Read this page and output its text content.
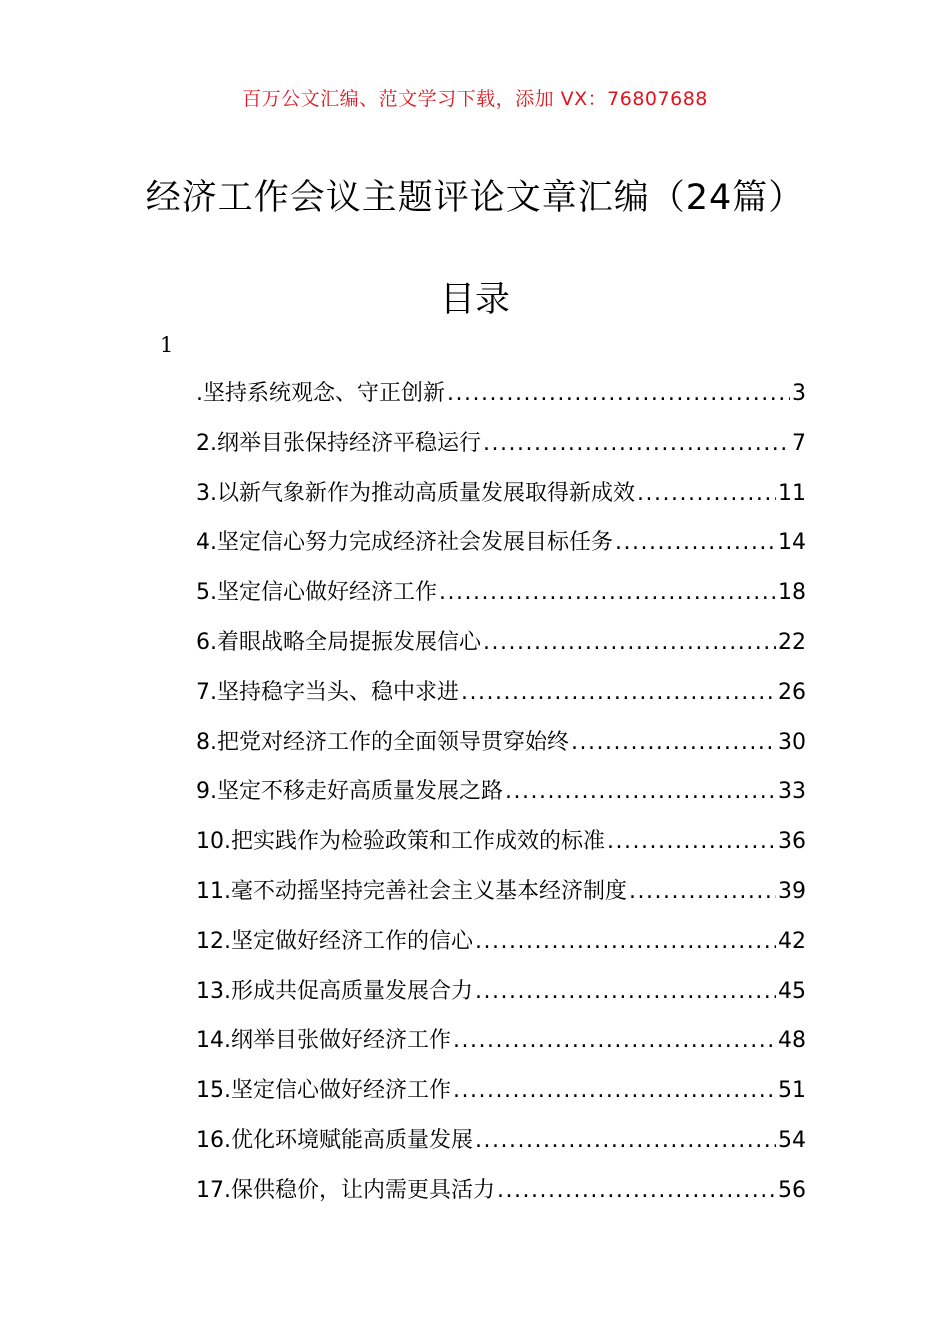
百万公文汇编、范文学习下载，添加 VX：76807688
经济工作会议主题评论文章汇编（24篇）
目录
1
.坚持系统观念、守正创新 .....	3
2.纲举目张保持经济平稳运行 .....	7
3.以新气象新作为推动高质量发展取得新成效 .....	11
4.坚定信心努力完成经济社会发展目标任务 .....	14
5.坚定信心做好经济工作 .....	18
6.着眼战略全局提振发展信心 .....	22
7.坚持稳字当头、稳中求进 .....	26
8.把党对经济工作的全面领导贯穿始终 .....	30
9.坚定不移走好高质量发展之路 .....	33
10.把实践作为检验政策和工作成效的标准 .....	36
11.毫不动摇坚持完善社会主义基本经济制度 .....	39
12.坚定做好经济工作的信心 .....	42
13.形成共促高质量发展合力 .....	45
14.纲举目张做好经济工作 .....	48
15.坚定信心做好经济工作 .....	51
16.优化环境赋能高质量发展 .....	54
17.保供稳价，让内需更具活力 .....	56
